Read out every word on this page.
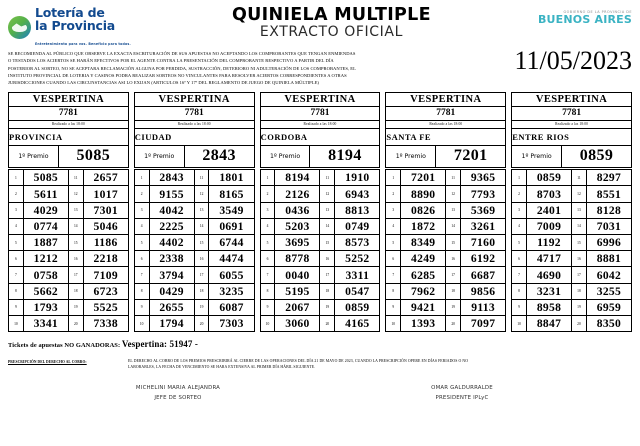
Lotería de
la Provincia
Entretenimiento para vos. Beneficio para todos.
QUINIELA MULTIPLE
EXTRACTO OFICIAL
GOBIERNO DE LA PROVINCIA DE
BUENOS AIRES

SE RECOMIENDA AL PÚBLICO QUE OBSERVE LA EXACTA ESCRITURACIÓN DE SUS APUESTAS NO ACEPTANDO LOS COMPROBANTES QUE TENGAN ENMIENDAS

O TESTADOS LOS ACIERTOS SE HARÁN EFECTIVOS POR EL AGENTE CONTRA LA PRESENTACIÓN DEL COMPROBANTE RESPECTIVO A PARTIR DEL DÍA

POSTERIOR AL SORTEO, NO SE ACEPTARA RECLAMACIÓN ALGUNA POR PERDIDA, SUSTRACCIÓN, DETERIORO NI ADULTERACIÓN DE LOS COMPROBANTES, EL

INSTITUTO PROVINCIAL DE LOTERIA Y CASINOS PODRA REALIZAR SORTEOS NO VINCULANTES PARA RESOLVER ACIERTOS CORRESPONDIENTES A OTRAS

JURISDICCIONES CUANDO LAS CIRCUNSTANCIAS ASI LO EXIJAN (ARTICULOS 16º Y 17º DEL REGLAMENTO DE JUEGO DE QUINIELA MÚLTIPLE)

11/05/2023
VESPERTINA
7781
Realizado a las 18:00
PROVINCIA
1º Premio	5085
1	5085	11	2657
2	5611	12	1017
3	4029	13	7301
4	0774	14	5046
5	1887	15	1186
6	1212	16	2218
7	0758	17	7109
8	5662	18	6723
9	1793	19	5525
10	3341	20	7338
VESPERTINA
7781
Realizado a las 18:00
CIUDAD
1º Premio	2843
1	2843	11	1801
2	9155	12	8165
3	4042	13	3549
4	2225	14	0691
5	4402	15	6744
6	2338	16	4474
7	3794	17	6055
8	0429	18	3235
9	2655	19	6087
10	1794	20	7303
VESPERTINA
7781
Realizado a las 18:00
CORDOBA
1º Premio	8194
1	8194	11	1910
2	2126	12	6943
3	0436	13	8813
4	5203	14	0749
5	3695	15	8573
6	8778	16	5252
7	0040	17	3311
8	5195	18	0547
9	2067	19	0859
10	3060	20	4165
VESPERTINA
7781
Realizado a las 18:00
SANTA FE
1º Premio	7201
1	7201	11	9365
2	8890	12	7793
3	0826	13	5369
4	1872	14	3261
5	8349	15	7160
6	4249	16	6192
7	6285	17	6687
8	7962	18	9856
9	9421	19	9113
10	1393	20	7097
VESPERTINA
7781
Realizado a las 18:00
ENTRE RIOS
1º Premio	0859
1	0859	11	8297
2	8703	12	8551
3	2401	13	8128
4	7009	14	7031
5	1192	15	6996
6	4717	16	8881
7	4690	17	6042
8	3231	18	3255
9	8958	19	6959
10	8847	20	8350
Tickets de apuestas NO GANADORAS: Vespertina: 51947 -
PRESCRIPCIÓN DEL DERECHO AL COBRO:	EL DERECHO AL COBRO DE LOS PREMIOS PRESCRIBIRÁ AL CIERRE DE LAS OPERACIONES DEL DÍA 21 DE MAYO DE 2023, CUANDO LA PRESCRIPCIÓN OPERE EN DÍAS FERIADOS O NO
LABORABLES, LA FECHA DE VENCIMIENTO SE HARA EXTENSIVA AL PRIMER DÍA HÁBIL SIGUIENTE.
MICHELINI MARIA ALEJANDRA
JEFE DE SORTEO
OMAR GALDURRALDE
PRESIDENTE IPLyC
